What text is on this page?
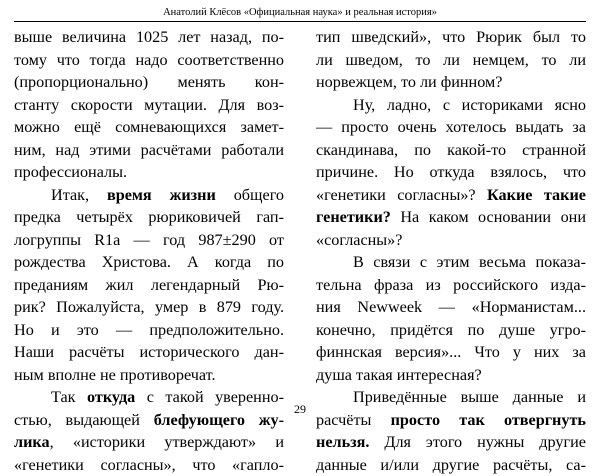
Анатолий Клёсов «Официальная наука» и реальная история»
выше величина 1025 лет назад, по-
тому что тогда надо соответственно
(пропорционально) менять кон-
станту скорости мутации. Для воз-
можно ещё сомневающихся замет-
ним, над этими расчётами работали
профессионалы.
Итак, время жизни общего
предка четырёх рюриковичей гап-
логруппы R1a — год 987±290 от
рождества Христова. А когда по
преданиям жил легендарный Рю-
рик? Пожалуйста, умер в 879 году.
Но и это — предположительно.
Наши расчёты исторического дан-
ным вполне не противоречат.
Так откуда с такой уверенно-
стью, выдающей блефующего жу-
лика, «историки утверждают» и
«генетики согласны», что «гапло-
тип шведский», что Рюрик был то
ли шведом, то ли немцем, то ли
норвежцем, то ли финном?
Ну, ладно, с историками ясно
— просто очень хотелось выдать за
скандинава, по какой-то странной
причине. Но откуда взялось, что
«генетики согласны»? Какие такие
генетики? На каком основании они
«согласны»?
В связи с этим весьма показа-
тельна фраза из российского изда-
ния Newweek — «Норманистам...
конечно, придётся по душе угро-
финнская версия»... Что у них за
душа такая интересная?
Приведённые выше данные и
расчёты просто так отвергнуть
нельзя. Для этого нужны другие
данные и/или другие расчёты, са-
29
